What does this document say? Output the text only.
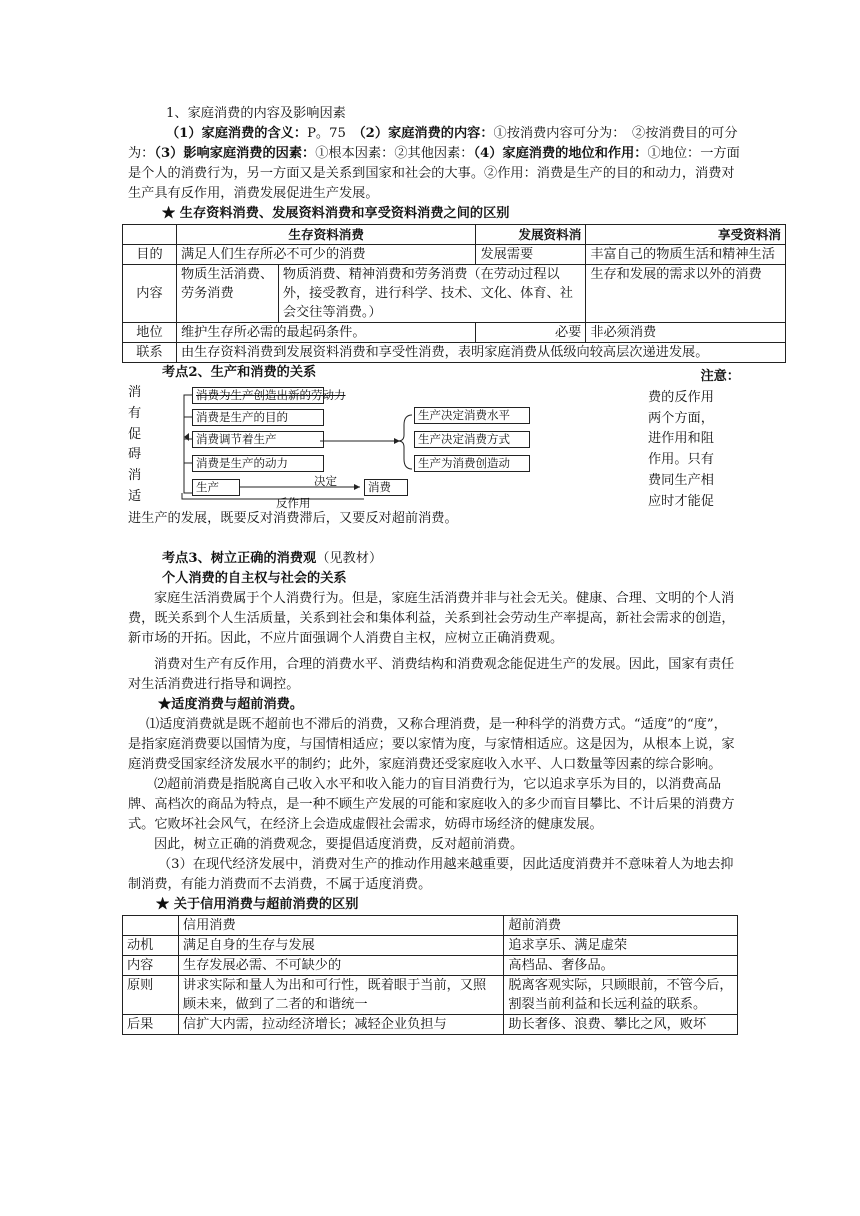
1、家庭消费的内容及影响因素

（1）家庭消费的含义：P。75　（2）家庭消费的内容：①按消费内容可分为：　②按消费目的可分为：（3）影响家庭消费的因素：①根本因素：②其他因素：（4）家庭消费的地位和作用：①地位：一方面是个人的消费行为，另一方面又是关系到国家和社会的大事。②作用：消费是生产的目的和动力，消费对生产具有反作用，消费发展促进生产发展。

★ 生存资料消费、发展资料消费和享受资料消费之间的区别

	生存资料消费		发展资料消	享受资料消
目的	满足人们生存所必不可少的消费		发展需要	丰富自己的物质生活和精神生活
内容	物质生活消费、劳务消费	物质消费、精神消费和劳务消费（在劳动过程以外，接受教育，进行科学、技术、文化、体育、社会交往等消费。）		生存和发展的需求以外的消费
地位	维护生存所必需的最起码条件。		必要	非必须消费
联系	由生存资料消费到发展资料消费和享受性消费，表明家庭消费从低级向较高层次递进发展。			

考点2、生产和消费的关系

消
有
促
碍
消
适
消费为生产创造出新的劳动力
消费是生产的目的
消费调节着生产
消费是生产的动力
生产决定消费水平
生产决定消费方式
生产为消费创造动
生产	消费
决定
反作用
注意：
费的反作用
两个方面，
进作用和阻
作用。只有
费同生产相
应时才能促

进生产的发展，既要反对消费滞后，又要反对超前消费。

考点3、树立正确的消费观（见教材）

个人消费的自主权与社会的关系

家庭生活消费属于个人消费行为。但是，家庭生活消费并非与社会无关。健康、合理、文明的个人消费，既关系到个人生活质量，关系到社会和集体利益，关系到社会劳动生产率提高，新社会需求的创造，新市场的开拓。因此，不应片面强调个人消费自主权，应树立正确消费观。

消费对生产有反作用，合理的消费水平、消费结构和消费观念能促进生产的发展。因此，国家有责任对生活消费进行指导和调控。

★适度消费与超前消费。

⑴适度消费就是既不超前也不滞后的消费，又称合理消费，是一种科学的消费方式。“适度”的“度”，是指家庭消费要以国情为度，与国情相适应；要以家情为度，与家情相适应。这是因为，从根本上说，家庭消费受国家经济发展水平的制约；此外，家庭消费还受家庭收入水平、人口数量等因素的综合影响。

⑵超前消费是指脱离自己收入水平和收入能力的盲目消费行为，它以追求享乐为目的，以消费高品牌、高档次的商品为特点，是一种不顾生产发展的可能和家庭收入的多少而盲目攀比、不计后果的消费方式。它败坏社会风气，在经济上会造成虚假社会需求，妨碍市场经济的健康发展。

因此，树立正确的消费观念，要提倡适度消费，反对超前消费。

（3）在现代经济发展中，消费对生产的推动作用越来越重要，因此适度消费并不意味着人为地去抑制消费，有能力消费而不去消费，不属于适度消费。

★ 关于信用消费与超前消费的区别

	信用消费	超前消费
动机	满足自身的生存与发展	追求享乐、满足虚荣
内容	生存发展必需、不可缺少的	高档品、奢侈品。
原则	讲求实际和量人为出和可行性，既着眼于当前，又照顾未来，做到了二者的和谐统一	脱离客观实际，只顾眼前，不管今后，割裂当前利益和长远利益的联系。
后果	信扩大内需，拉动经济增长；减轻企业负担与	助长奢侈、浪费、攀比之风，败坏
